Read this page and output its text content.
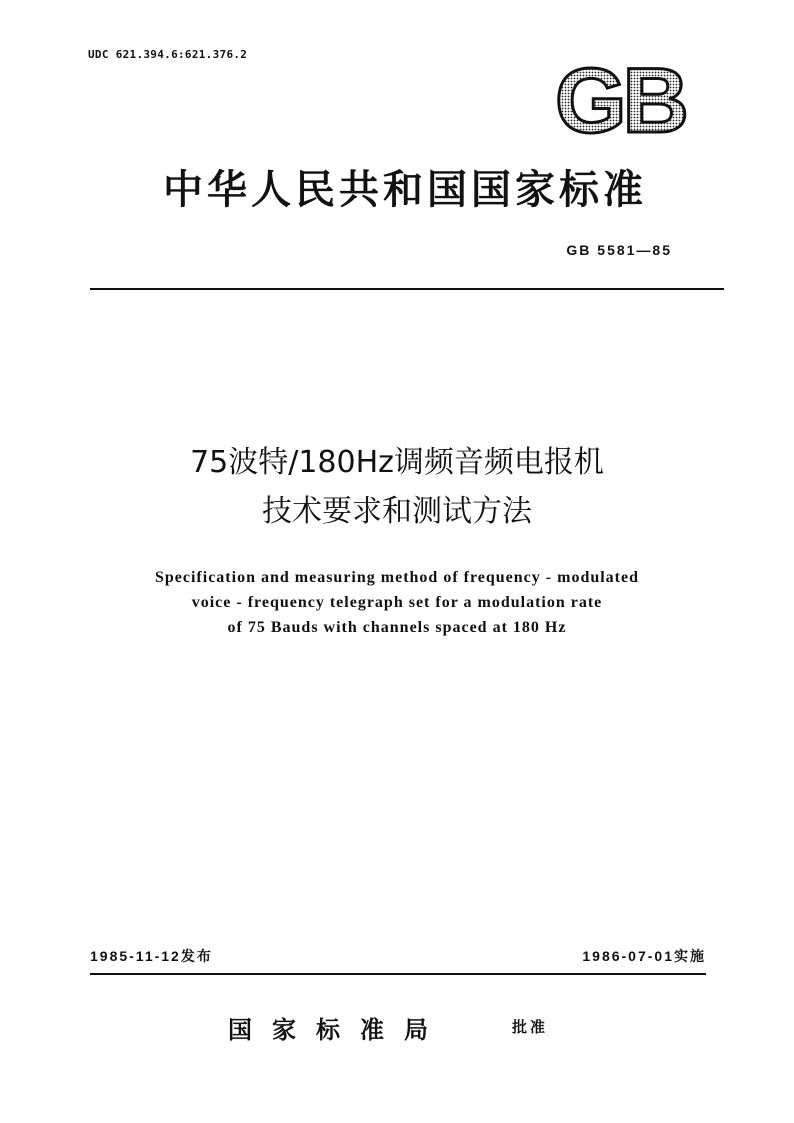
UDC 621.394.6:621.376.2	GB
中华人民共和国国家标准
GB 5581—85
75波特/180Hz调频音频电报机
技术要求和测试方法
Specification and measuring method of frequency - modulated
voice - frequency telegraph set for a modulation rate
of 75 Bauds with channels spaced at 180 Hz
1985-11-12发布	1986-07-01实施
国家标准局	批准
